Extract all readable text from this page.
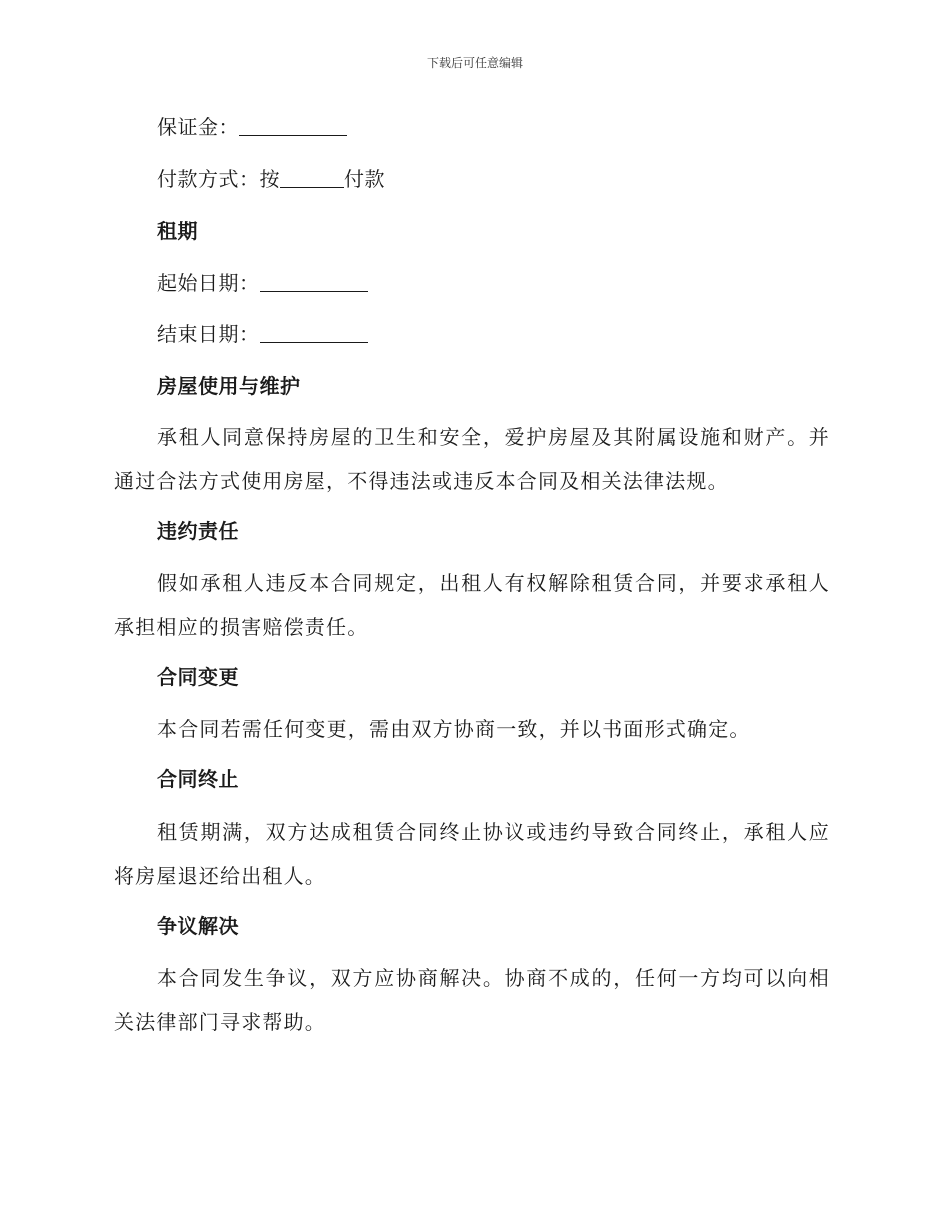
下载后可任意编辑
保证金：
付款方式：按	付款
租期
起始日期：
结束日期：
房屋使用与维护
承租人同意保持房屋的卫生和安全，爱护房屋及其附属设施和财产。并通过合法方式使用房屋，不得违法或违反本合同及相关法律法规。
违约责任
假如承租人违反本合同规定，出租人有权解除租赁合同，并要求承租人承担相应的损害赔偿责任。
合同变更
本合同若需任何变更，需由双方协商一致，并以书面形式确定。
合同终止
租赁期满，双方达成租赁合同终止协议或违约导致合同终止，承租人应将房屋退还给出租人。
争议解决
本合同发生争议，双方应协商解决。协商不成的，任何一方均可以向相关法律部门寻求帮助。
